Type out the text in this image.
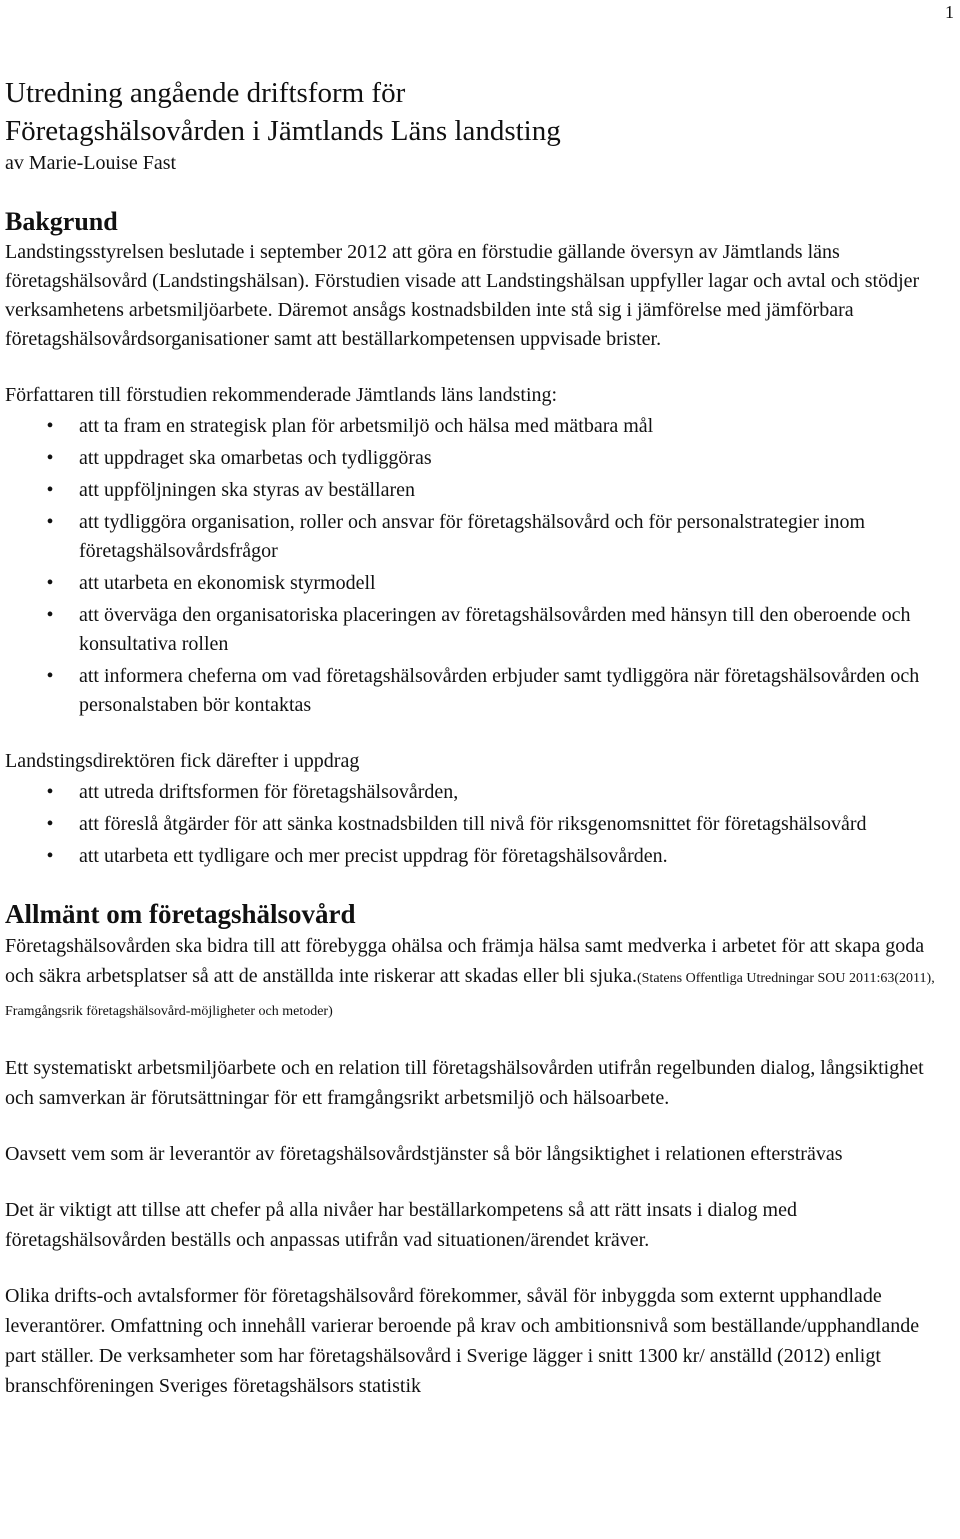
1
Utredning angående driftsform för
Företagshälsovården i Jämtlands Läns landsting

av Marie-Louise Fast

Bakgrund

Landstingsstyrelsen beslutade i september 2012 att göra en förstudie gällande översyn av Jämtlands läns företagshälsovård (Landstingshälsan). Förstudien visade att Landstingshälsan uppfyller lagar och avtal och stödjer verksamhetens arbetsmiljöarbete. Däremot ansågs kostnadsbilden inte stå sig i jämförelse med jämförbara företagshälsovårdsorganisationer samt att beställarkompetensen uppvisade brister.

Författaren till förstudien rekommenderade Jämtlands läns landsting:

• att ta fram en strategisk plan för arbetsmiljö och hälsa med mätbara mål
• att uppdraget ska omarbetas och tydliggöras
• att uppföljningen ska styras av beställaren
• att tydliggöra organisation, roller och ansvar för företagshälsovård och för personalstrategier inom företagshälsovårdsfrågor
• att utarbeta en ekonomisk styrmodell
• att överväga den organisatoriska placeringen av företagshälsovården med hänsyn till den oberoende och konsultativa rollen
• att informera cheferna om vad företagshälsovården erbjuder samt tydliggöra när företagshälsovården och personalstaben bör kontaktas

Landstingsdirektören fick därefter i uppdrag

• att utreda driftsformen för företagshälsovården,
• att föreslå åtgärder för att sänka kostnadsbilden till nivå för riksgenomsnittet för företagshälsovård
• att utarbeta ett tydligare och mer precist uppdrag för företagshälsovården.
Allmänt om företagshälsovård

Företagshälsovården ska bidra till att förebygga ohälsa och främja hälsa samt medverka i arbetet för att skapa goda och säkra arbetsplatser så att de anställda inte riskerar att skadas eller bli sjuka.(Statens Offentliga Utredningar SOU 2011:63(2011), Framgångsrik företagshälsovård-möjligheter och metoder)

Ett systematiskt arbetsmiljöarbete och en relation till företagshälsovården utifrån regelbunden dialog, långsiktighet och samverkan är förutsättningar för ett framgångsrikt arbetsmiljö och hälsoarbete.

Oavsett vem som är leverantör av företagshälsovårdstjänster så bör långsiktighet i relationen eftersträvas

Det är viktigt att tillse att chefer på alla nivåer har beställarkompetens så att rätt insats i dialog med företagshälsovården beställs och anpassas utifrån vad situationen/ärendet kräver.

Olika drifts-och avtalsformer för företagshälsovård förekommer, såväl för inbyggda som externt upphandlade leverantörer. Omfattning och innehåll varierar beroende på krav och ambitionsnivå som beställande/upphandlande part ställer. De verksamheter som har företagshälsovård i Sverige lägger i snitt 1300 kr/ anställd (2012) enligt branschföreningen Sveriges företagshälsors statistik
